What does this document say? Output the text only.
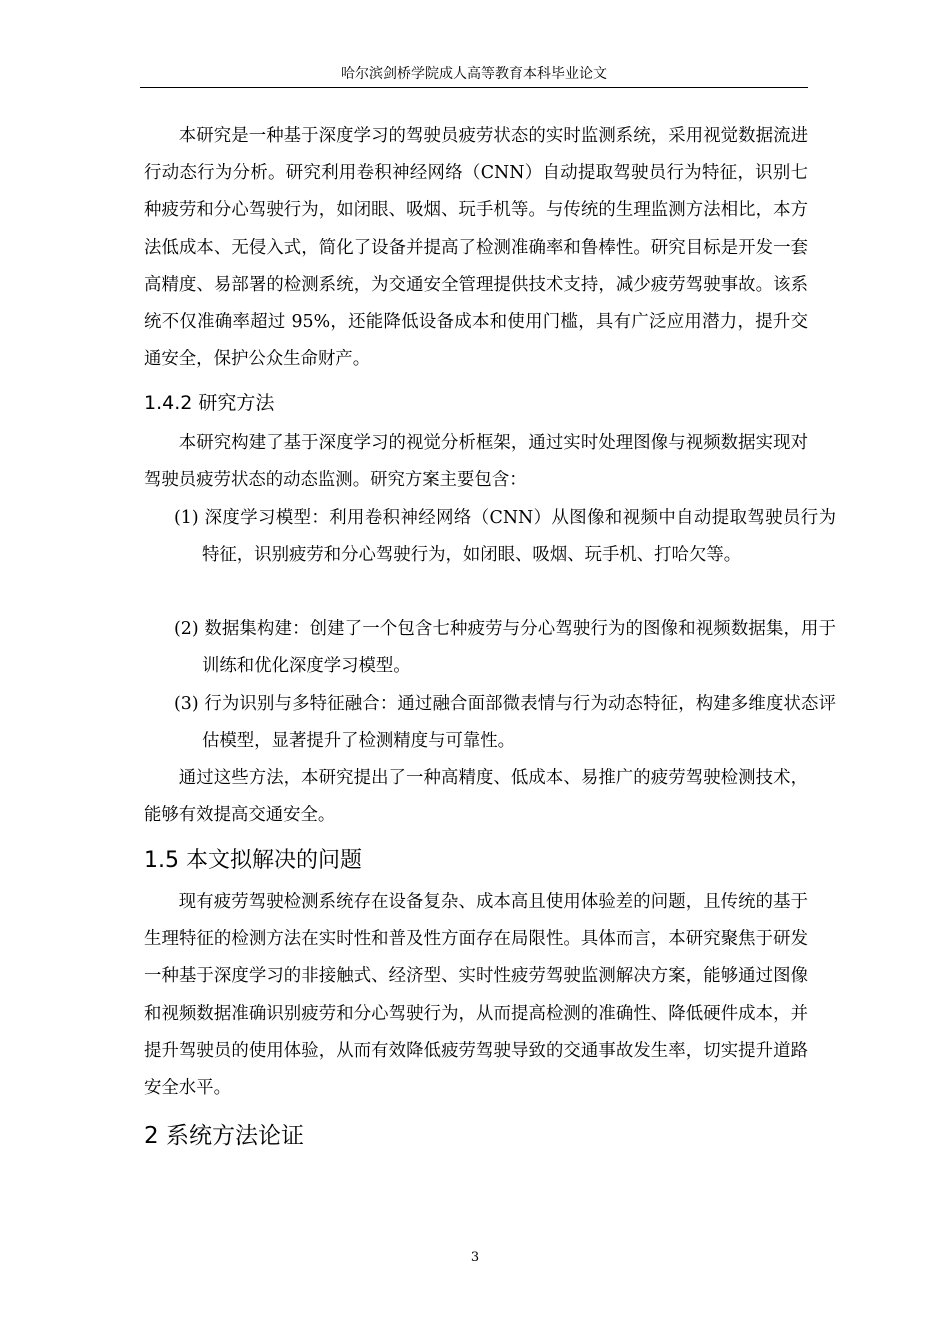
哈尔滨剑桥学院成人高等教育本科毕业论文

本研究是一种基于深度学习的驾驶员疲劳状态的实时监测系统，采用视觉数据流进行动态行为分析。研究利用卷积神经网络（CNN）自动提取驾驶员行为特征，识别七种疲劳和分心驾驶行为，如闭眼、吸烟、玩手机等。与传统的生理监测方法相比，本方法低成本、无侵入式，简化了设备并提高了检测准确率和鲁棒性。研究目标是开发一套高精度、易部署的检测系统，为交通安全管理提供技术支持，减少疲劳驾驶事故。该系统不仅准确率超过 95%，还能降低设备成本和使用门槛，具有广泛应用潜力，提升交通安全，保护公众生命财产。

1.4.2 研究方法

本研究构建了基于深度学习的视觉分析框架，通过实时处理图像与视频数据实现对驾驶员疲劳状态的动态监测。研究方案主要包含：

(1) 深度学习模型：利用卷积神经网络（CNN）从图像和视频中自动提取驾驶员行为特征，识别疲劳和分心驾驶行为，如闭眼、吸烟、玩手机、打哈欠等。

(2) 数据集构建：创建了一个包含七种疲劳与分心驾驶行为的图像和视频数据集，用于训练和优化深度学习模型。

(3) 行为识别与多特征融合：通过融合面部微表情与行为动态特征，构建多维度状态评估模型，显著提升了检测精度与可靠性。

通过这些方法，本研究提出了一种高精度、低成本、易推广的疲劳驾驶检测技术，能够有效提高交通安全。

1.5 本文拟解决的问题

现有疲劳驾驶检测系统存在设备复杂、成本高且使用体验差的问题，且传统的基于生理特征的检测方法在实时性和普及性方面存在局限性。具体而言，本研究聚焦于研发一种基于深度学习的非接触式、经济型、实时性疲劳驾驶监测解决方案，能够通过图像和视频数据准确识别疲劳和分心驾驶行为，从而提高检测的准确性、降低硬件成本，并提升驾驶员的使用体验，从而有效降低疲劳驾驶导致的交通事故发生率，切实提升道路安全水平。

2 系统方法论证
3
